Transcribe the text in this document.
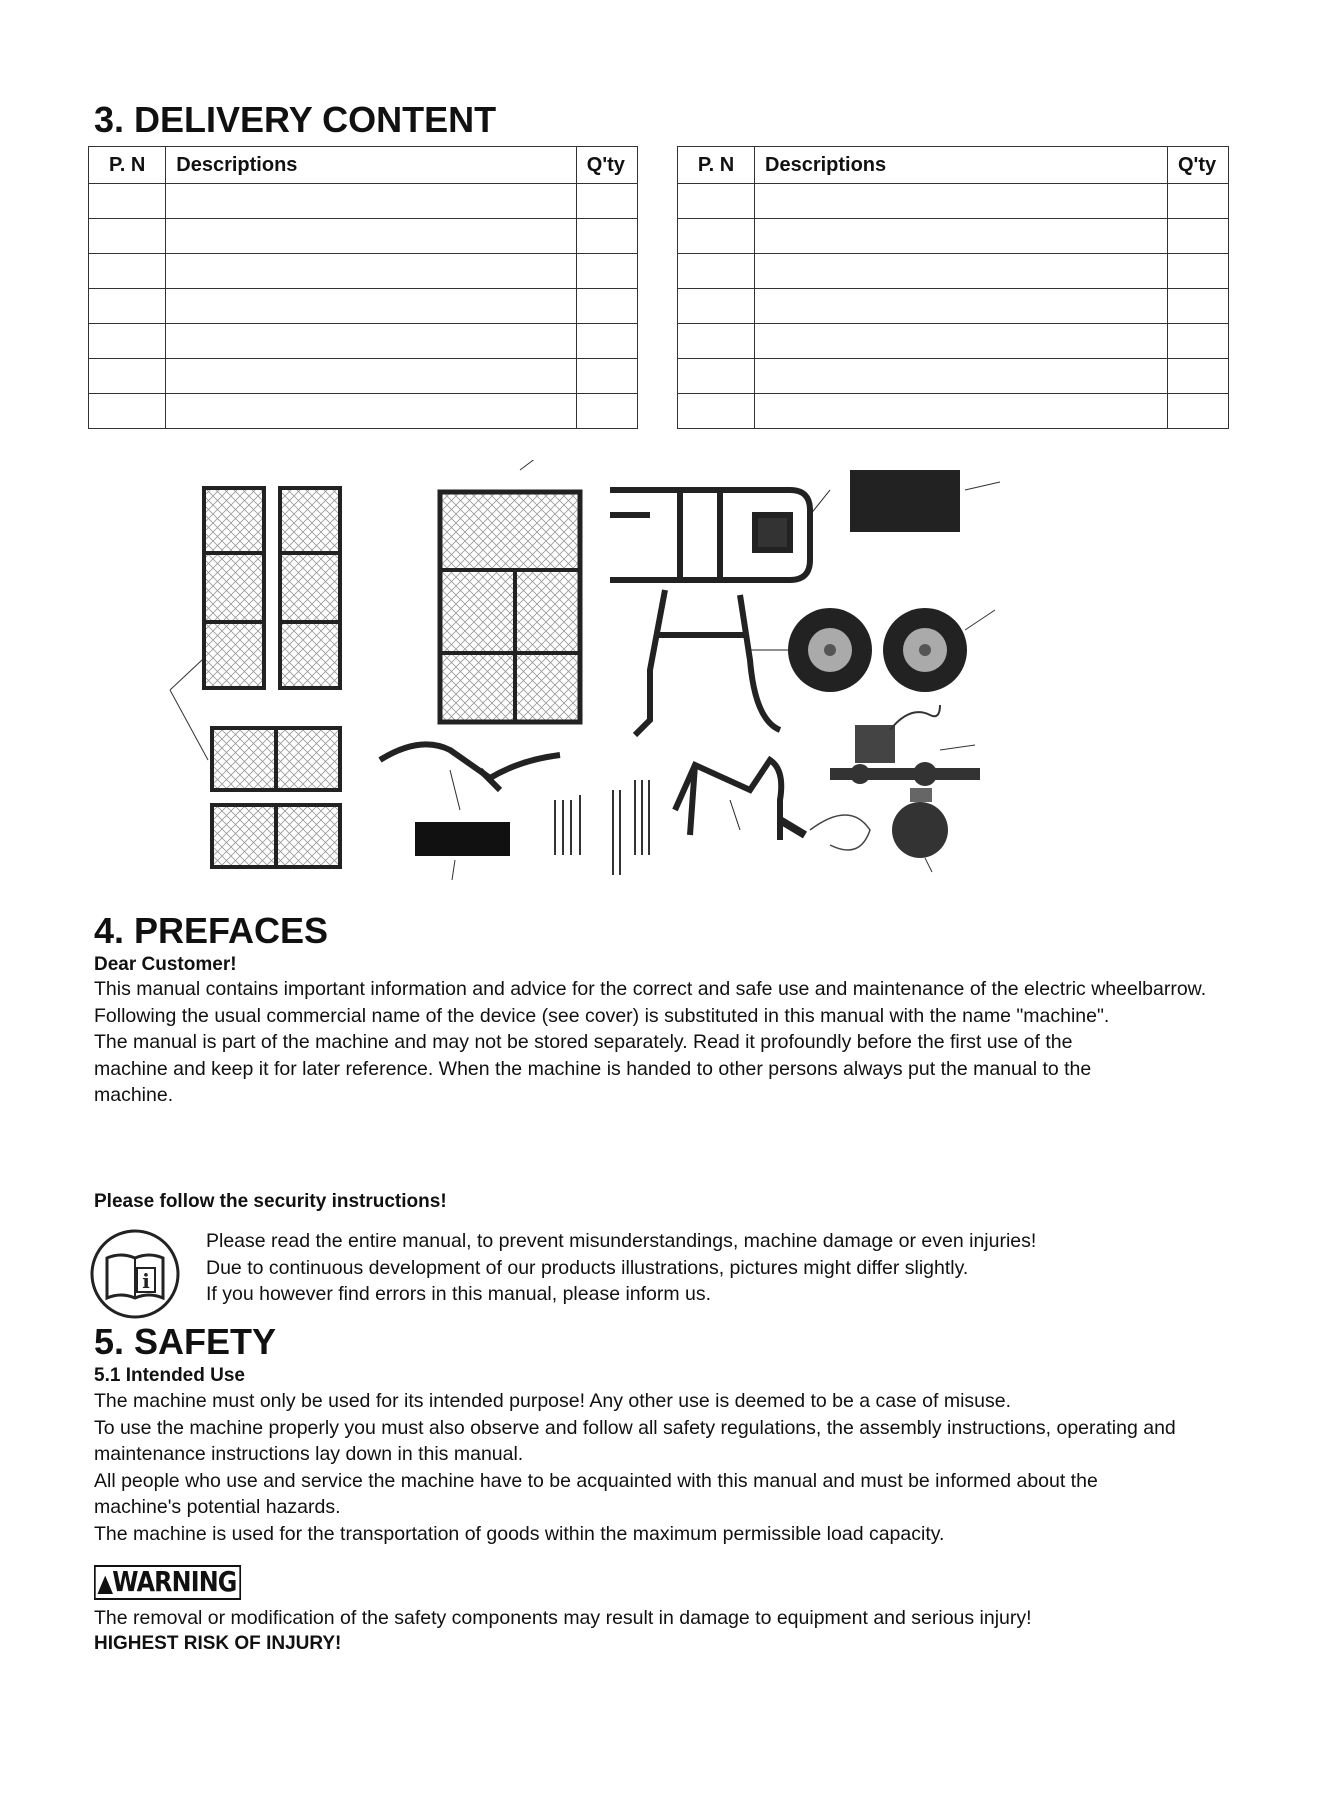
3. DELIVERY CONTENT
P. N	Descriptions	Q'ty

			P. N	Descriptions	Q'ty

4. PREFACES
Dear Customer!

This manual contains important information and advice for the correct and safe use and maintenance of the electric wheelbarrow.

Following the usual commercial name of the device (see cover) is substituted in this manual with the name "machine".

The manual is part of the machine and may not be stored separately. Read it profoundly before the first use of the machine and keep it for later reference. When the machine is handed to other persons always put the manual to the machine.

Please follow the security instructions!
i

Please read the entire manual, to prevent misunderstandings, machine damage or even injuries!

Due to continuous development of our products illustrations, pictures might differ slightly.

If you however find errors in this manual, please inform us.

5. SAFETY
5.1 Intended Use

The machine must only be used for its intended purpose! Any other use is deemed to be a case of misuse.

To use the machine properly you must also observe and follow all safety regulations, the assembly instructions, operating and maintenance instructions lay down in this manual.

All people who use and service the machine have to be acquainted with this manual and must be informed about the machine's potential hazards.

The machine is used for the transportation of goods within the maximum permissible load capacity.

▲WARNING
The removal or modification of the safety components may result in damage to equipment and serious injury!
HIGHEST RISK OF INJURY!
